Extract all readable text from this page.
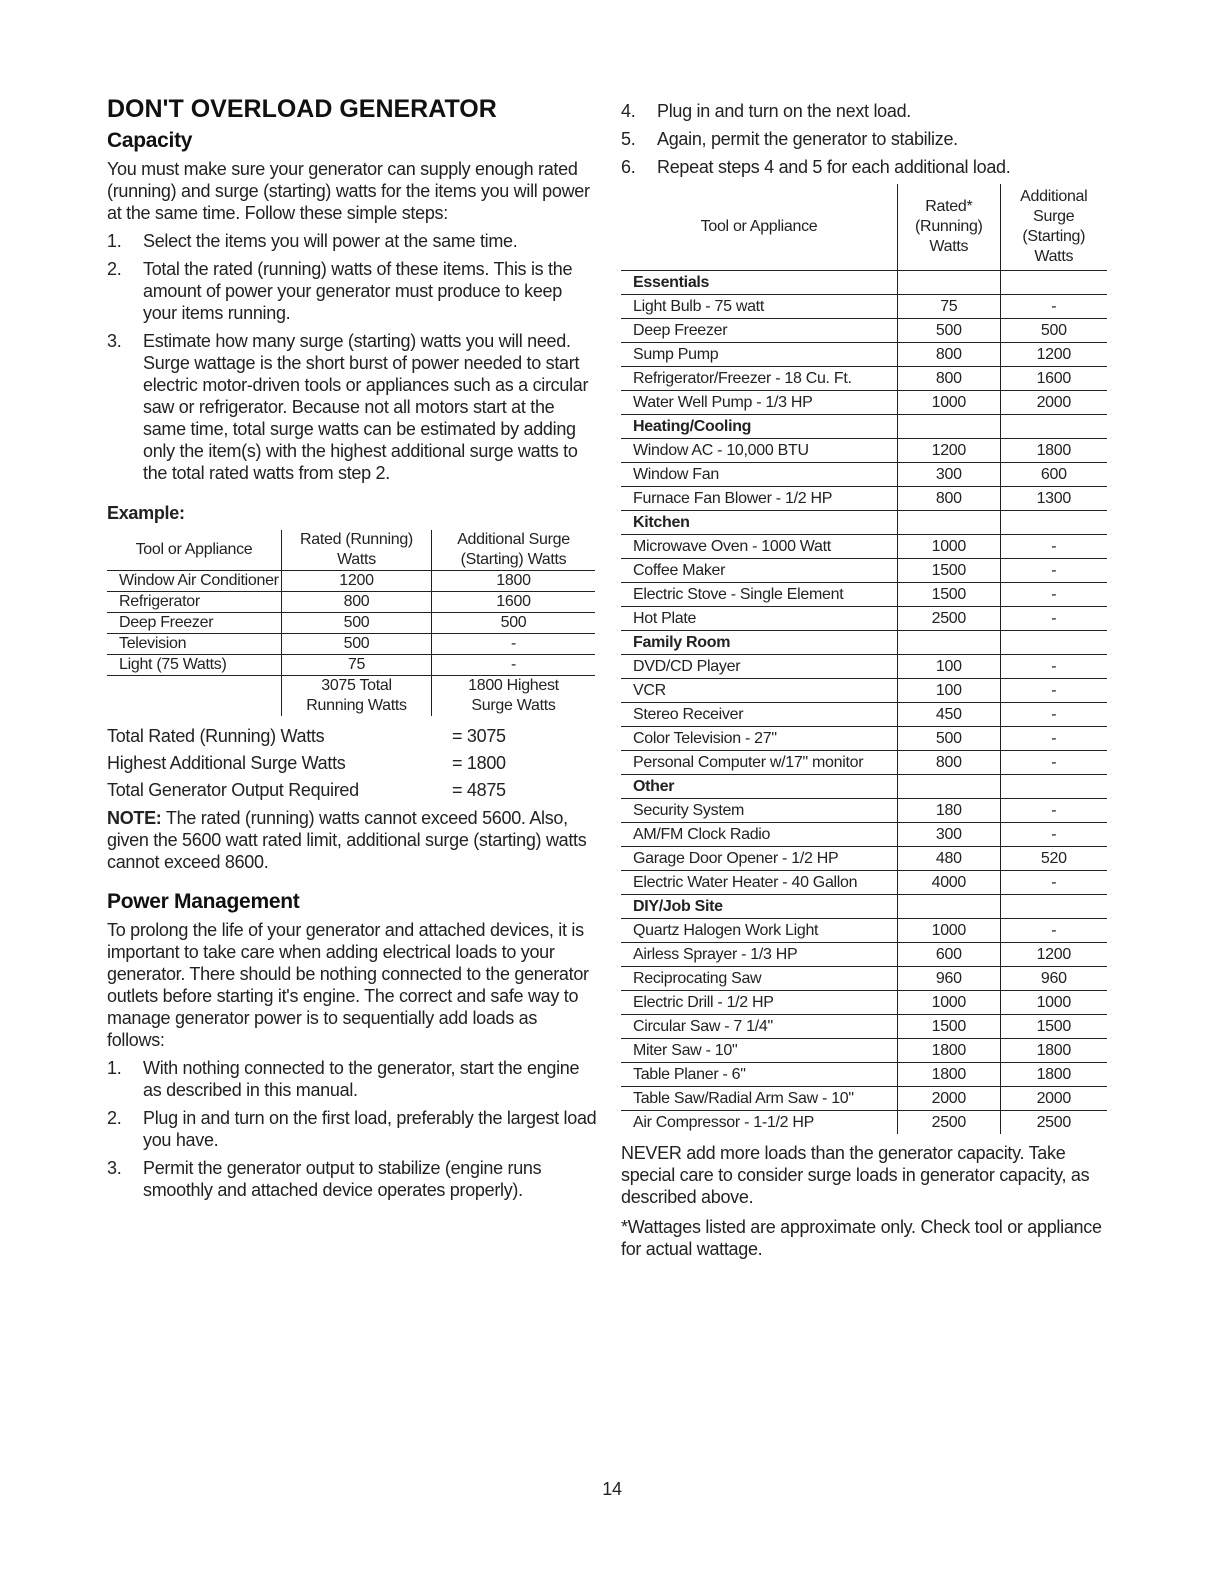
DON'T OVERLOAD GENERATOR
Capacity

You must make sure your generator can supply enough rated (running) and surge (starting) watts for the items you will power at the same time. Follow these simple steps:

1.	Select the items you will power at the same time.
2.	Total the rated (running) watts of these items. This is the amount of power your generator must produce to keep your items running.
3.	Estimate how many surge (starting) watts you will need. Surge wattage is the short burst of power needed to start electric motor-driven tools or appliances such as a circular saw or refrigerator. Because not all motors start at the same time, total surge watts can be estimated by adding only the item(s) with the highest additional surge watts to the total rated watts from step 2.
Example:
Tool or Appliance	Rated (Running) Watts	Additional Surge (Starting) Watts
Window Air Conditioner	1200	1800
Refrigerator	800	1600
Deep Freezer	500	500
Television	500	-
Light (75 Watts)	75	-
	3075 Total Running Watts	1800 Highest Surge Watts
Total Rated (Running) Watts	= 3075
Highest Additional Surge Watts	= 1800
Total Generator Output Required	= 4875

NOTE: The rated (running) watts cannot exceed 5600. Also, given the 5600 watt rated limit, additional surge (starting) watts cannot exceed 8600.

Power Management

To prolong the life of your generator and attached devices, it is important to take care when adding electrical loads to your generator. There should be nothing connected to the generator outlets before starting it's engine. The correct and safe way to manage generator power is to sequentially add loads as follows:

1.	With nothing connected to the generator, start the engine as described in this manual.
2.	Plug in and turn on the first load, preferably the largest load you have.
3.	Permit the generator output to stabilize (engine runs smoothly and attached device operates properly).
4.	Plug in and turn on the next load.
5.	Again, permit the generator to stabilize.
6.	Repeat steps 4 and 5 for each additional load.
Tool or Appliance	Rated* (Running) Watts	Additional Surge (Starting) Watts
Essentials		
Light Bulb - 75 watt	75	-
Deep Freezer	500	500
Sump Pump	800	1200
Refrigerator/Freezer - 18 Cu. Ft.	800	1600
Water Well Pump - 1/3 HP	1000	2000
Heating/Cooling		
Window AC - 10,000 BTU	1200	1800
Window Fan	300	600
Furnace Fan Blower - 1/2 HP	800	1300
Kitchen		
Microwave Oven - 1000 Watt	1000	-
Coffee Maker	1500	-
Electric Stove - Single Element	1500	-
Hot Plate	2500	-
Family Room		
DVD/CD Player	100	-
VCR	100	-
Stereo Receiver	450	-
Color Television - 27"	500	-
Personal Computer w/17" monitor	800	-
Other		
Security System	180	-
AM/FM Clock Radio	300	-
Garage Door Opener - 1/2 HP	480	520
Electric Water Heater - 40 Gallon	4000	-
DIY/Job Site		
Quartz Halogen Work Light	1000	-
Airless Sprayer - 1/3 HP	600	1200
Reciprocating Saw	960	960
Electric Drill - 1/2 HP	1000	1000
Circular Saw - 7 1/4"	1500	1500
Miter Saw - 10"	1800	1800
Table Planer - 6"	1800	1800
Table Saw/Radial Arm Saw - 10"	2000	2000
Air Compressor - 1-1/2 HP	2500	2500

NEVER add more loads than the generator capacity. Take special care to consider surge loads in generator capacity, as described above.

*Wattages listed are approximate only. Check tool or appliance for actual wattage.

14
